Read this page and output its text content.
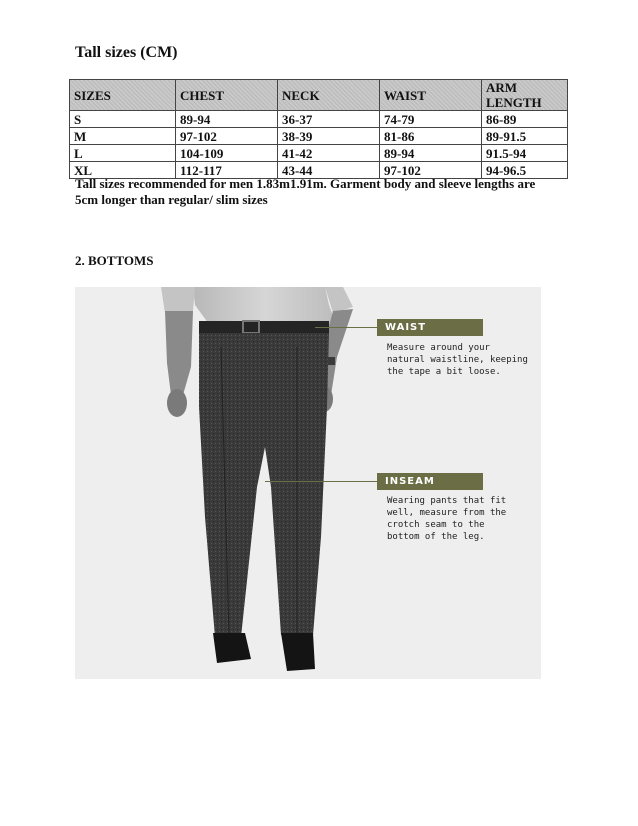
Tall sizes (CM)
SIZES	CHEST	NECK	WAIST	ARM LENGTH
S	89-94	36-37	74-79	86-89
M	97-102	38-39	81-86	89-91.5
L	104-109	41-42	89-94	91.5-94
XL	112-117	43-44	97-102	94-96.5

Tall sizes recommended for men 1.83m1.91m. Garment body and sleeve lengths are 5cm longer than regular/ slim sizes

2. BOTTOMS
WAIST
Measure around your
natural waistline, keeping
the tape a bit loose.
INSEAM
Wearing pants that fit
well, measure from the
crotch seam to the
bottom of the leg.
